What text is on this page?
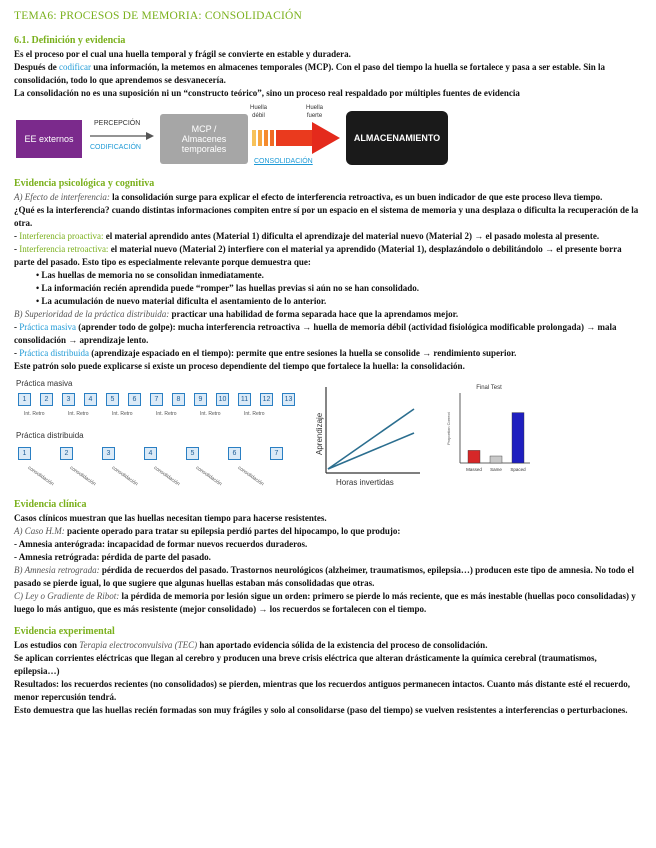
TEMA6: PROCESOS DE MEMORIA: CONSOLIDACIÓN
6.1. Definición y evidencia

Es el proceso por el cual una huella temporal y frágil se convierte en estable y duradera.

Después de codificar una información, la metemos en almacenes temporales (MCP). Con el paso del tiempo la huella se fortalece y pasa a ser estable. Sin la consolidación, todo lo que aprendemos se desvanecería.

La consolidación no es una suposición ni un “constructo teórico”, sino un proceso real respaldado por múltiples fuentes de evidencia

EE externos
PERCEPCIÓN
CODIFICACIÓN
MCP /
Almacenes
temporales
Huella
débil
Huella
fuerte
CONSOLIDACIÓN
ALMACENAMIENTO
Evidencia psicológica y cognitiva

A) Efecto de interferencia: la consolidación surge para explicar el efecto de interferencia retroactiva, es un buen indicador de que este proceso lleva tiempo.

¿Qué es la interferencia? cuando distintas informaciones compiten entre sí por un espacio en el sistema de memoria y una desplaza o dificulta la recuperación de la otra.

- Interferencia proactiva: el material aprendido antes (Material 1) dificulta el aprendizaje del material nuevo (Material 2) → el pasado molesta al presente.

- Interferencia retroactiva: el material nuevo (Material 2) interfiere con el material ya aprendido (Material 1), desplazándolo o debilitándolo → el presente borra parte del pasado. Esto tipo es especialmente relevante porque demuestra que:

• Las huellas de memoria no se consolidan inmediatamente.

• La información recién aprendida puede “romper” las huellas previas si aún no se han consolidado.

• La acumulación de nuevo material dificulta el asentamiento de lo anterior.

B) Superioridad de la práctica distribuida: practicar una habilidad de forma separada hace que la aprendamos mejor.

- Práctica masiva (aprender todo de golpe): mucha interferencia retroactiva → huella de memoria débil (actividad fisiológica modificable prolongada) → mala consolidación → aprendizaje lento.

- Práctica distribuida (aprendizaje espaciado en el tiempo): permite que entre sesiones la huella se consolide → rendimiento superior.

Este patrón solo puede explicarse si existe un proceso dependiente del tiempo que fortalece la huella: la consolidación.

Práctica masiva
Práctica distribuida	Aprendizaje
Horas invertidas
Final Test
Proportion Correct
Massed Same Spaced
1
Int. Retro
2	3
Int. Retro
4	5
Int. Retro
6	7
Int. Retro
8	9
Int. Retro
10	11
Int. Retro
12	13
1
consolidación
2
consolidación
3
consolidación
4
consolidación
5
consolidación
6
consolidación
7
Evidencia clínica

Casos clínicos muestran que las huellas necesitan tiempo para hacerse resistentes.

A) Caso H.M: paciente operado para tratar su epilepsia perdió partes del hipocampo, lo que produjo:

- Amnesia anterógrada: incapacidad de formar nuevos recuerdos duraderos.

- Amnesia retrógrada: pérdida de parte del pasado.

B) Amnesia retrograda: pérdida de recuerdos del pasado. Trastornos neurológicos (alzheimer, traumatismos, epilepsia…) producen este tipo de amnesia. No todo el pasado se pierde igual, lo que sugiere que algunas huellas estaban más consolidadas que otras.

C) Ley o Gradiente de Ribot: la pérdida de memoria por lesión sigue un orden: primero se pierde lo más reciente, que es más inestable (huellas poco consolidadas) y luego lo más antiguo, que es más resistente (mejor consolidado) → los recuerdos se fortalecen con el tiempo.

Evidencia experimental

Los estudios con Terapia electroconvulsiva (TEC) han aportado evidencia sólida de la existencia del proceso de consolidación.

Se aplican corrientes eléctricas que llegan al cerebro y producen una breve crisis eléctrica que alteran drásticamente la química cerebral (traumatismos, epilepsia…)

Resultados: los recuerdos recientes (no consolidados) se pierden, mientras que los recuerdos antiguos permanecen intactos. Cuanto más distante esté el recuerdo, menor repercusión tendrá.

Esto demuestra que las huellas recién formadas son muy frágiles y solo al consolidarse (paso del tiempo) se vuelven resistentes a interferencias o perturbaciones.
